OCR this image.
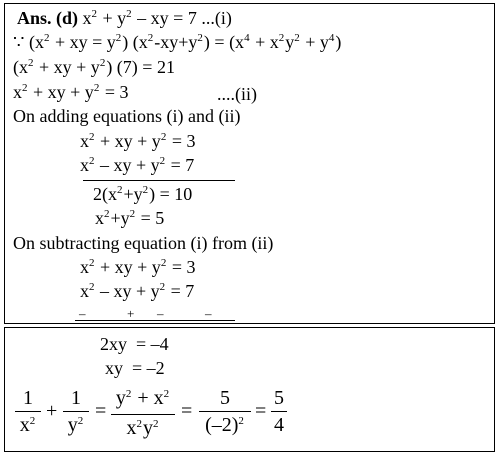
Ans. (d) $x^2 + y^2$ – xy = 7 ...(i)
∵ ($x^2$ + xy = $y^2$) $(x^2-xy+y^2) = (x^4 + x^2y^2 + y^4)$
($x^2$ + xy + $y^2$) (7) = 21
$x^2$ + xy + $y^2 = 3$	....(ii)
On adding equations (i) and (ii)
$x^2$ + xy + $y^2 = 3$
$x^2$ – xy + $y^2 = 7$
$2(x^2+y^2) = 10$
$x^2+y^2 = 5$
On subtracting equation (i) from (ii)
$x^2$ + xy + $y^2 = 3$
$x^2$ – xy + $y^2 = 7$
–	+ –	–
2xy  = –4
xy  = –2
1
$x^2$ +
1
$y^2$ =
$y^2 + x^2$
$x^2y^2$
=
5
$(-2)^2$ =
5
4
